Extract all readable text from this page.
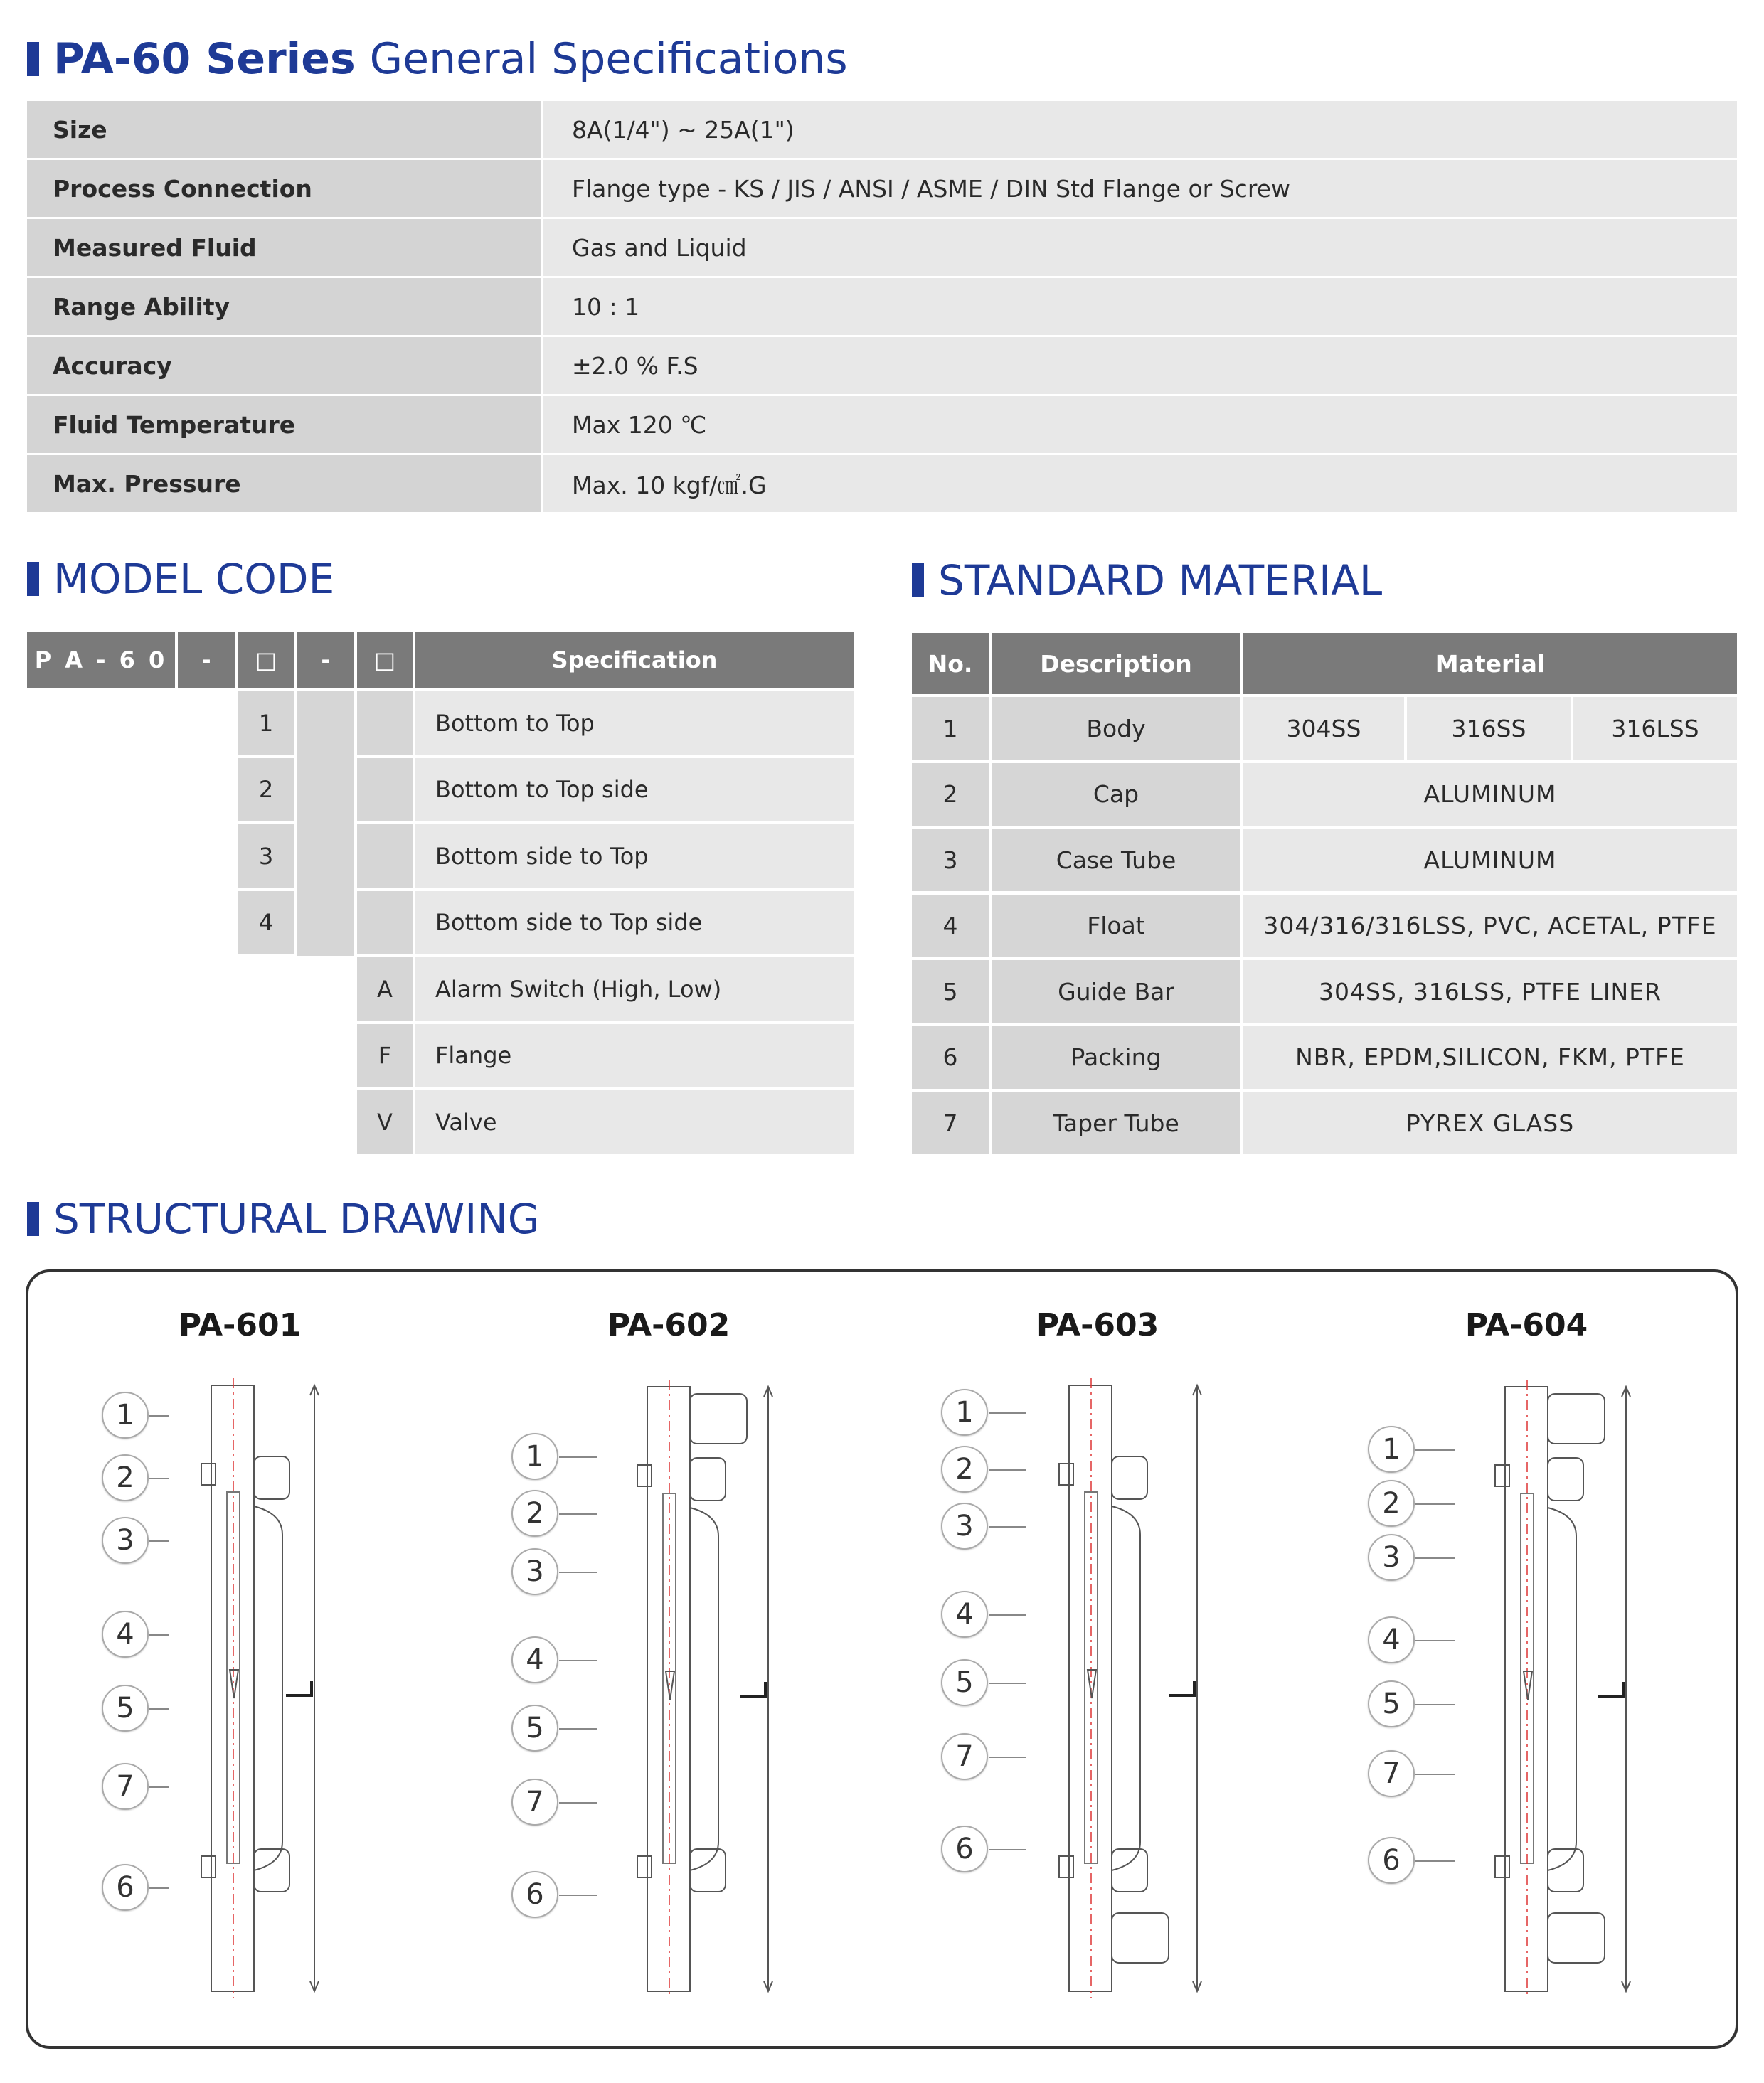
PA-60 Series General Specifications
Size	8A(1/4") ~ 25A(1")
Process Connection	Flange type - KS / JIS / ANSI / ASME / DIN Std Flange or Screw
Measured Fluid	Gas and Liquid
Range Ability	10 : 1
Accuracy	±2.0 % F.S
Fluid Temperature	Max 120 ℃
Max. Pressure	Max. 10 kgf/㎠.G
MODEL CODE
P A - 6 0	-	□	-	□	Specification
1	Bottom to Top
2	Bottom to Top side
3	Bottom side to Top
4	Bottom side to Top side
A	Alarm Switch (High, Low)
F	Flange
V	Valve
STANDARD MATERIAL
No.	Description	Material
1	Body	304SS	316SS	316LSS
2	Cap	ALUMINUM
3	Case Tube	ALUMINUM
4	Float	304/316/316LSS, PVC, ACETAL, PTFE
5	Guide Bar	304SS, 316LSS, PTFE LINER
6	Packing	NBR, EPDM,SILICON, FKM, PTFE
7	Taper Tube	PYREX GLASS
STRUCTURAL DRAWING
PA-601
1
2
3
4
5
7
6
PA-602
1
2
3
4
5
7
6
PA-603
1
2
3
4
5
7
6
PA-604
1
2
3
4
5
7
6
